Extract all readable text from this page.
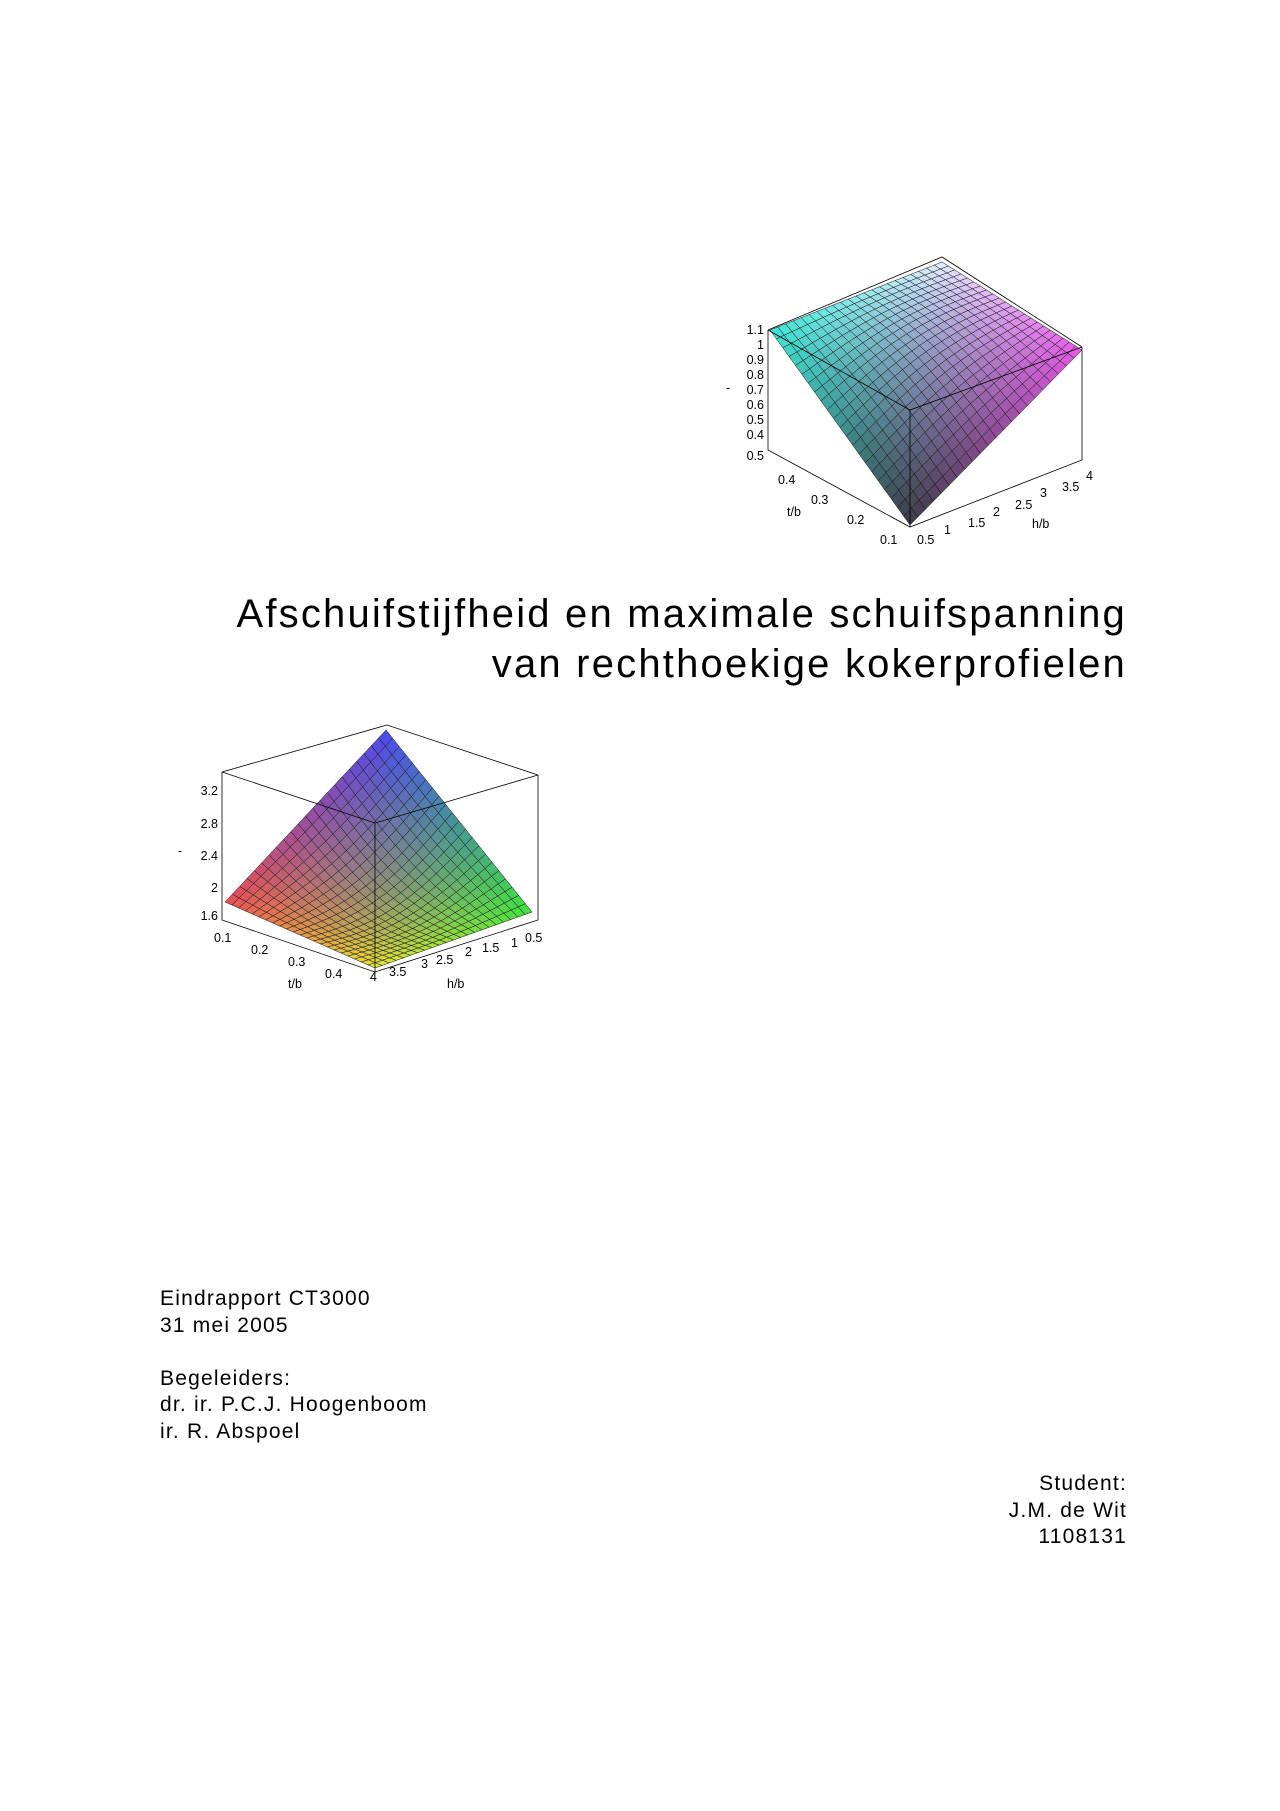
1.1
1
0.9
0.8
0.7
0.6
0.5
0.4
0.5
-
0.4
0.3
0.2
0.1
t/b
0.5
1 1.5
2 2.5
3 3.5
4
h/b
Afschuifstijfheid en maximale schuifspanning
van rechthoekige kokerprofielen
3.2
2.8
2.4
2
1.6
-
0.1
0.2
0.3
0.4
t/b
0.5
1
1.5
2
2.5
3
3.5
4	h/b
Eindrapport CT3000
31 mei 2005
Begeleiders:
dr. ir. P.C.J. Hoogenboom
ir. R. Abspoel
Student:
J.M. de Wit
1108131
